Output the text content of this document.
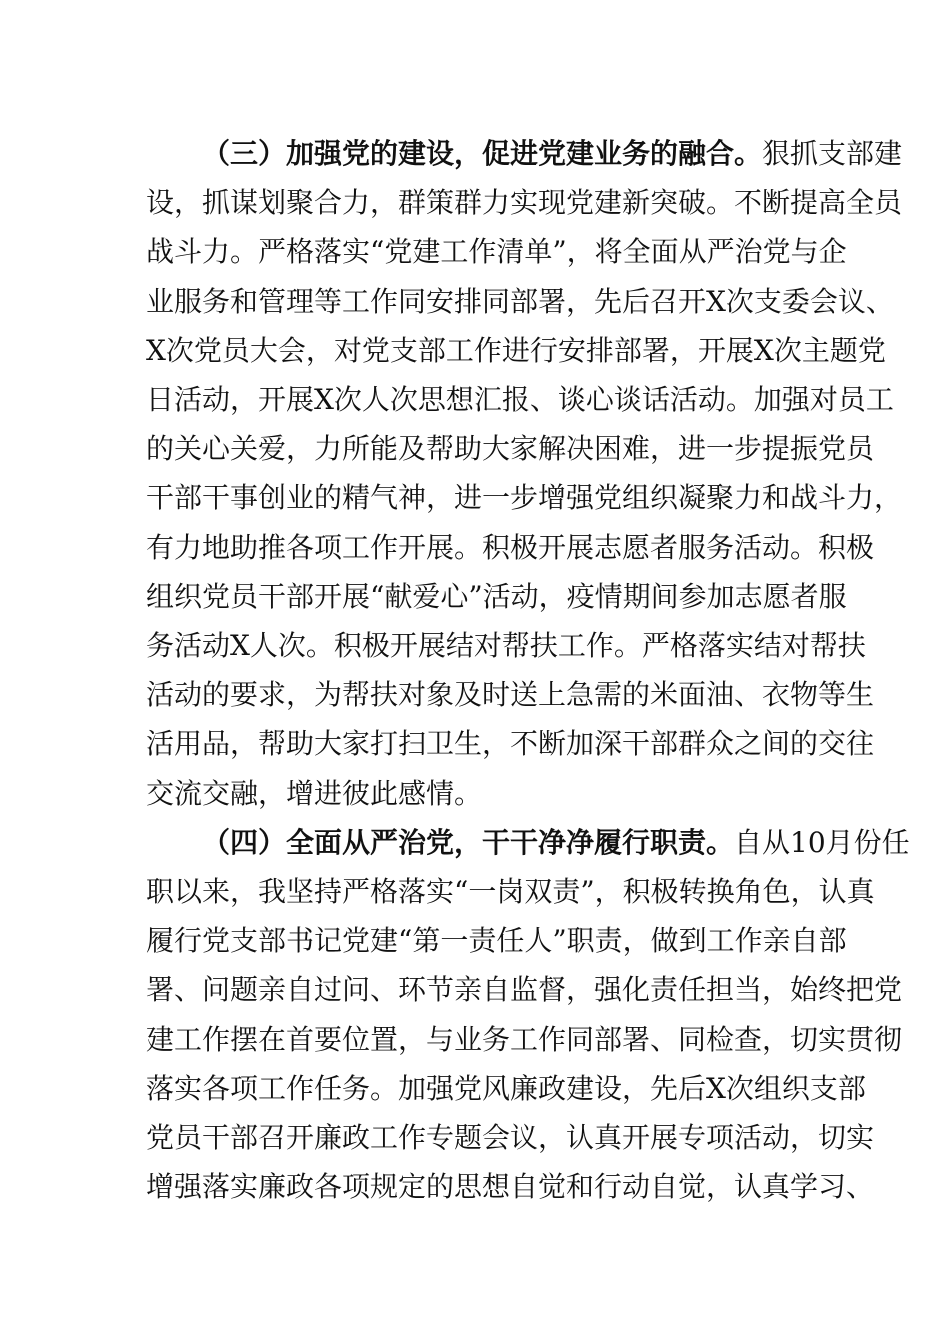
（三）加强党的建设，促进党建业务的融合。狠抓支部建
设，抓谋划聚合力，群策群力实现党建新突破。不断提高全员
战斗力。严格落实“党建工作清单”，将全面从严治党与企
业服务和管理等工作同安排同部署，先后召开X次支委会议、
X次党员大会，对党支部工作进行安排部署，开展X次主题党
日活动，开展X次人次思想汇报、谈心谈话活动。加强对员工
的关心关爱，力所能及帮助大家解决困难，进一步提振党员
干部干事创业的精气神，进一步增强党组织凝聚力和战斗力，
有力地助推各项工作开展。积极开展志愿者服务活动。积极
组织党员干部开展“献爱心”活动，疫情期间参加志愿者服
务活动X人次。积极开展结对帮扶工作。严格落实结对帮扶
活动的要求，为帮扶对象及时送上急需的米面油、衣物等生
活用品，帮助大家打扫卫生，不断加深干部群众之间的交往
交流交融，增进彼此感情。

（四）全面从严治党，干干净净履行职责。自从10月份任
职以来，我坚持严格落实“一岗双责”，积极转换角色，认真
履行党支部书记党建“第一责任人”职责，做到工作亲自部
署、问题亲自过问、环节亲自监督，强化责任担当，始终把党
建工作摆在首要位置，与业务工作同部署、同检查，切实贯彻
落实各项工作任务。加强党风廉政建设，先后X次组织支部
党员干部召开廉政工作专题会议，认真开展专项活动，切实
增强落实廉政各项规定的思想自觉和行动自觉，认真学习、
